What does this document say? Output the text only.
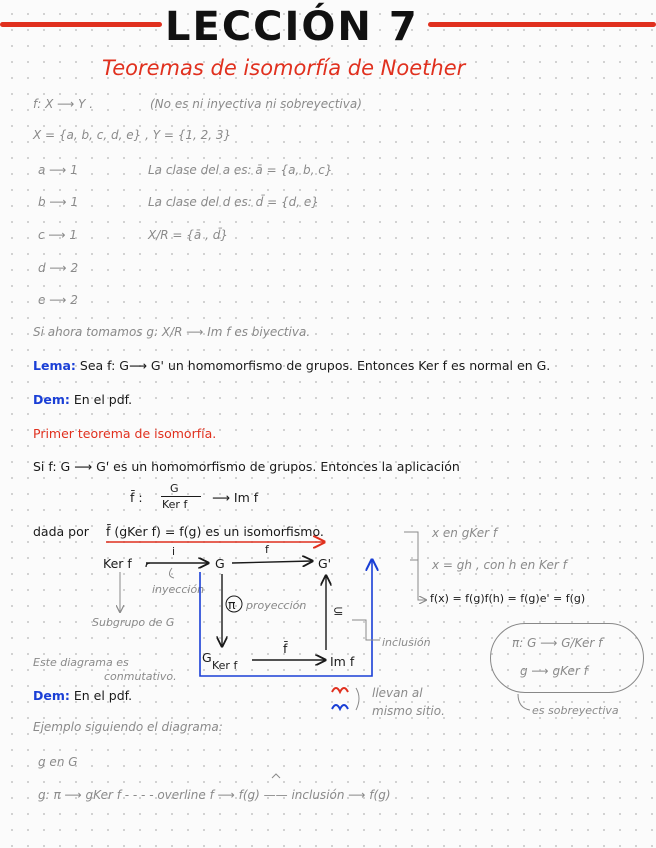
LECCIÓN 7
Teoremas de isomorfía de Noether
f: X ⟶ Y .	(No es ni inyectiva ni sobreyectiva)
X = {a, b, c, d, e} , Y = {1, 2, 3}
a ⟶ 1
b ⟶ 1
c ⟶ 1
d ⟶ 2
e ⟶ 2
La clase del a es: ā = {a, b, c}
La clase del d es: d̄ = {d, e}
X/R = {ā , d̄}
Si ahora tomamos g: X/R ⟶ Im f es biyectiva.
Lema: Sea f: G⟶ G' un homomorfismo de grupos. Entonces Ker f es normal en G.
Dem: En el pdf.
Primer teorema de isomorfía.
Si f: G ⟶ G' es un homomorfismo de grupos. Entonces la aplicación
f̄ :
G
Ker f ⟶ Im f
dada por f̄ (gKer f) = f(g) es un isomorfismo.	x en gKer f
x = gh , con h en Ker f
f(x) = f(g)f(h) = f(g)e' = f(g)
Ker f
i
G
f
G'
inyección
π proyección ⊆
inclusión
Subgrupo de G
G
Ker f
f̄
Im f
Este diagrama es
conmutativo.
π: G ⟶ G/Ker f
g ⟶ gKer f
es sobreyectiva
llevan al
mismo sitio.
Dem: En el pdf.
Ejemplo siguiendo el diagrama:
g en G
g: π ⟶ gKer f - - - - overline f ⟶ f(g) —— inclusión ⟶ f(g)
